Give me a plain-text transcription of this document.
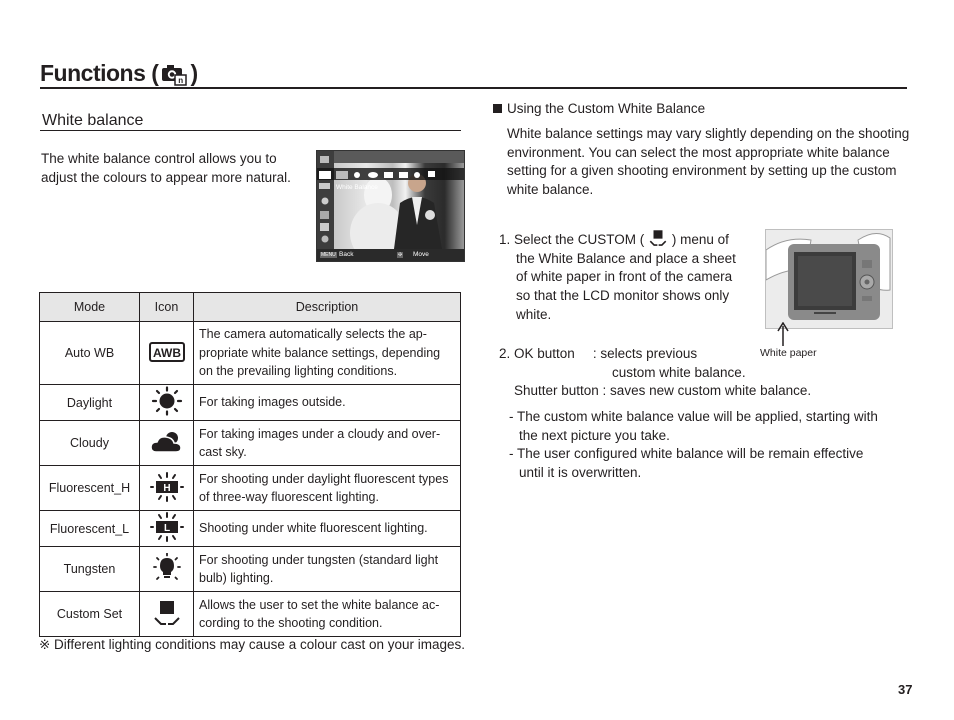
Functions (	n )
White balance
The white balance control allows you to adjust the colours to appear more natural.
White Balance
MENU Back	✣ Move
Mode	Icon	Description
Auto WB	AWB	The camera automatically selects the ap-propriate white balance settings, depending on the prevailing lighting conditions.
Daylight		For taking images outside.
Cloudy		For taking images under a cloudy and over-cast sky.
Fluorescent_H	H	For shooting under daylight fluorescent types of three-way fluorescent lighting.
Fluorescent_L	L	Shooting under white fluorescent lighting.
Tungsten		For shooting under tungsten (standard light bulb) lighting.
Custom Set		Allows the user to set the white balance ac-cording to the shooting condition.
※ Different lighting conditions may cause a colour cast on your images.
Using the Custom White Balance
White balance settings may vary slightly depending on the shooting environment. You can select the most appropriate white balance setting for a given shooting environment by setting up the custom white balance.
1. Select the CUSTOM ( ) menu of
the White Balance and place a sheet of white paper in front of the camera so that the LCD monitor shows only white.
White paper
2. OK button : selects previous
custom white balance.
Shutter button : saves new custom white balance.
- The custom white balance value will be applied, starting with
the next picture you take.
- The user configured white balance will be remain effective
until it is overwritten.
37
